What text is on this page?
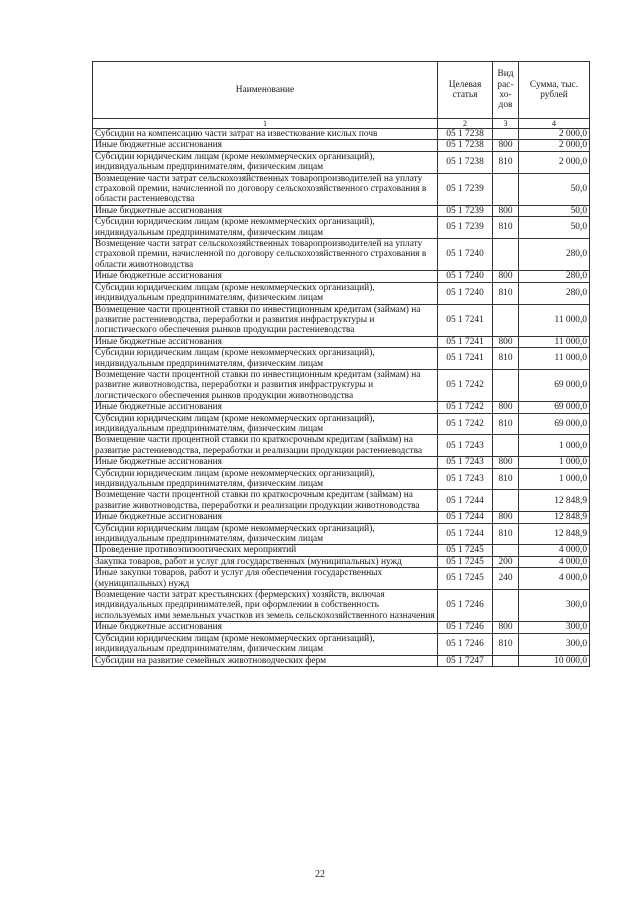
Наименование	Целевая статья	Вид рас- хо- дов	Сумма, тыс. рублей
1	2	3	4
Субсидии на компенсацию части затрат на известкование кислых почв	05 1 7238		2 000,0
Иные бюджетные ассигнования	05 1 7238	800	2 000,0
Субсидии юридическим лицам (кроме некоммерческих организаций), индивидуальным предпринимателям, физическим лицам	05 1 7238	810	2 000,0
Возмещение части затрат сельскохозяйственных товаропроизводителей на уплату страховой премии, начисленной по договору сельскохозяйственного страхования в области растениеводства	05 1 7239		50,0
Иные бюджетные ассигнования	05 1 7239	800	50,0
Субсидии юридическим лицам (кроме некоммерческих организаций), индивидуальным предпринимателям, физическим лицам	05 1 7239	810	50,0
Возмещение части затрат сельскохозяйственных товаропроизводителей на уплату страховой премии, начисленной по договору сельскохозяйственного страхования в области животноводства	05 1 7240		280,0
Иные бюджетные ассигнования	05 1 7240	800	280,0
Субсидии юридическим лицам (кроме некоммерческих организаций), индивидуальным предпринимателям, физическим лицам	05 1 7240	810	280,0
Возмещение части процентной ставки по инвестиционным кредитам (займам) на развитие растениеводства, переработки и развития инфраструктуры и логистического обеспечения рынков продукции растениеводства	05 1 7241		11 000,0
Иные бюджетные ассигнования	05 1 7241	800	11 000,0
Субсидии юридическим лицам (кроме некоммерческих организаций), индивидуальным предпринимателям, физическим лицам	05 1 7241	810	11 000,0
Возмещение части процентной ставки по инвестиционным кредитам (займам) на развитие животноводства, переработки и развития инфраструктуры и логистического обеспечения рынков продукции животноводства	05 1 7242		69 000,0
Иные бюджетные ассигнования	05 1 7242	800	69 000,0
Субсидии юридическим лицам (кроме некоммерческих организаций), индивидуальным предпринимателям, физическим лицам	05 1 7242	810	69 000,0
Возмещение части процентной ставки по краткосрочным кредитам (займам) на развитие растениеводства, переработки и реализации продукции растениеводства	05 1 7243		1 000,0
Иные бюджетные ассигнования	05 1 7243	800	1 000,0
Субсидии юридическим лицам (кроме некоммерческих организаций), индивидуальным предпринимателям, физическим лицам	05 1 7243	810	1 000,0
Возмещение части процентной ставки по краткосрочным кредитам (займам) на развитие животноводства, переработки и реализации продукции животноводства	05 1 7244		12 848,9
Иные бюджетные ассигнования	05 1 7244	800	12 848,9
Субсидии юридическим лицам (кроме некоммерческих организаций), индивидуальным предпринимателям, физическим лицам	05 1 7244	810	12 848,9
Проведение противоэпизоотических мероприятий	05 1 7245		4 000,0
Закупка товаров, работ и услуг для государственных (муниципальных) нужд	05 1 7245	200	4 000,0
Иные закупки товаров, работ и услуг для обеспечения государственных (муниципальных) нужд	05 1 7245	240	4 000,0
Возмещение части затрат крестьянских (фермерских) хозяйств, включая индивидуальных предпринимателей, при оформлении в собственность используемых ими земельных участков из земель сельскохозяйственного назначения	05 1 7246		300,0
Иные бюджетные ассигнования	05 1 7246	800	300,0
Субсидии юридическим лицам (кроме некоммерческих организаций), индивидуальным предпринимателям, физическим лицам	05 1 7246	810	300,0
Субсидии на развитие семейных животноводческих ферм	05 1 7247		10 000,0
22
